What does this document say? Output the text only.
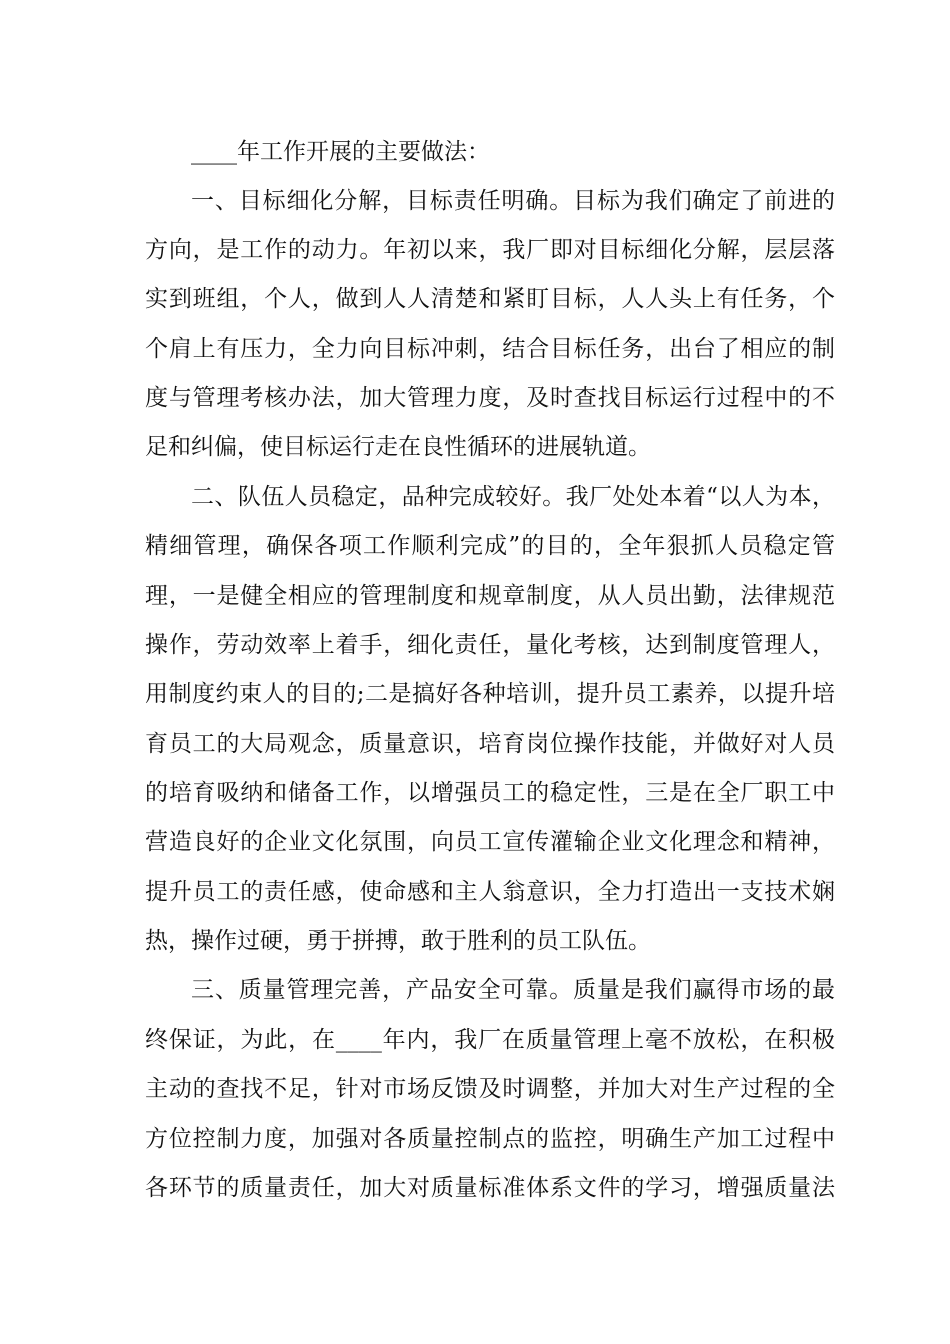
____年工作开展的主要做法：
一、目标细化分解，目标责任明确。目标为我们确定了前进的
方向，是工作的动力。年初以来，我厂即对目标细化分解，层层落
实到班组，个人，做到人人清楚和紧盯目标，人人头上有任务，个
个肩上有压力，全力向目标冲刺，结合目标任务，出台了相应的制
度与管理考核办法，加大管理力度，及时查找目标运行过程中的不
足和纠偏，使目标运行走在良性循环的进展轨道。
二、队伍人员稳定，品种完成较好。我厂处处本着“以人为本，
精细管理，确保各项工作顺利完成”的目的，全年狠抓人员稳定管
理，一是健全相应的管理制度和规章制度，从人员出勤，法律规范
操作，劳动效率上着手，细化责任，量化考核，达到制度管理人，
用制度约束人的目的;二是搞好各种培训，提升员工素养，以提升培
育员工的大局观念，质量意识，培育岗位操作技能，并做好对人员
的培育吸纳和储备工作，以增强员工的稳定性，三是在全厂职工中
营造良好的企业文化氛围，向员工宣传灌输企业文化理念和精神，
提升员工的责任感，使命感和主人翁意识，全力打造出一支技术娴
热，操作过硬，勇于拼搏，敢于胜利的员工队伍。
三、质量管理完善，产品安全可靠。质量是我们赢得市场的最
终保证，为此，在____年内，我厂在质量管理上毫不放松，在积极
主动的查找不足，针对市场反馈及时调整，并加大对生产过程的全
方位控制力度，加强对各质量控制点的监控，明确生产加工过程中
各环节的质量责任，加大对质量标准体系文件的学习，增强质量法
